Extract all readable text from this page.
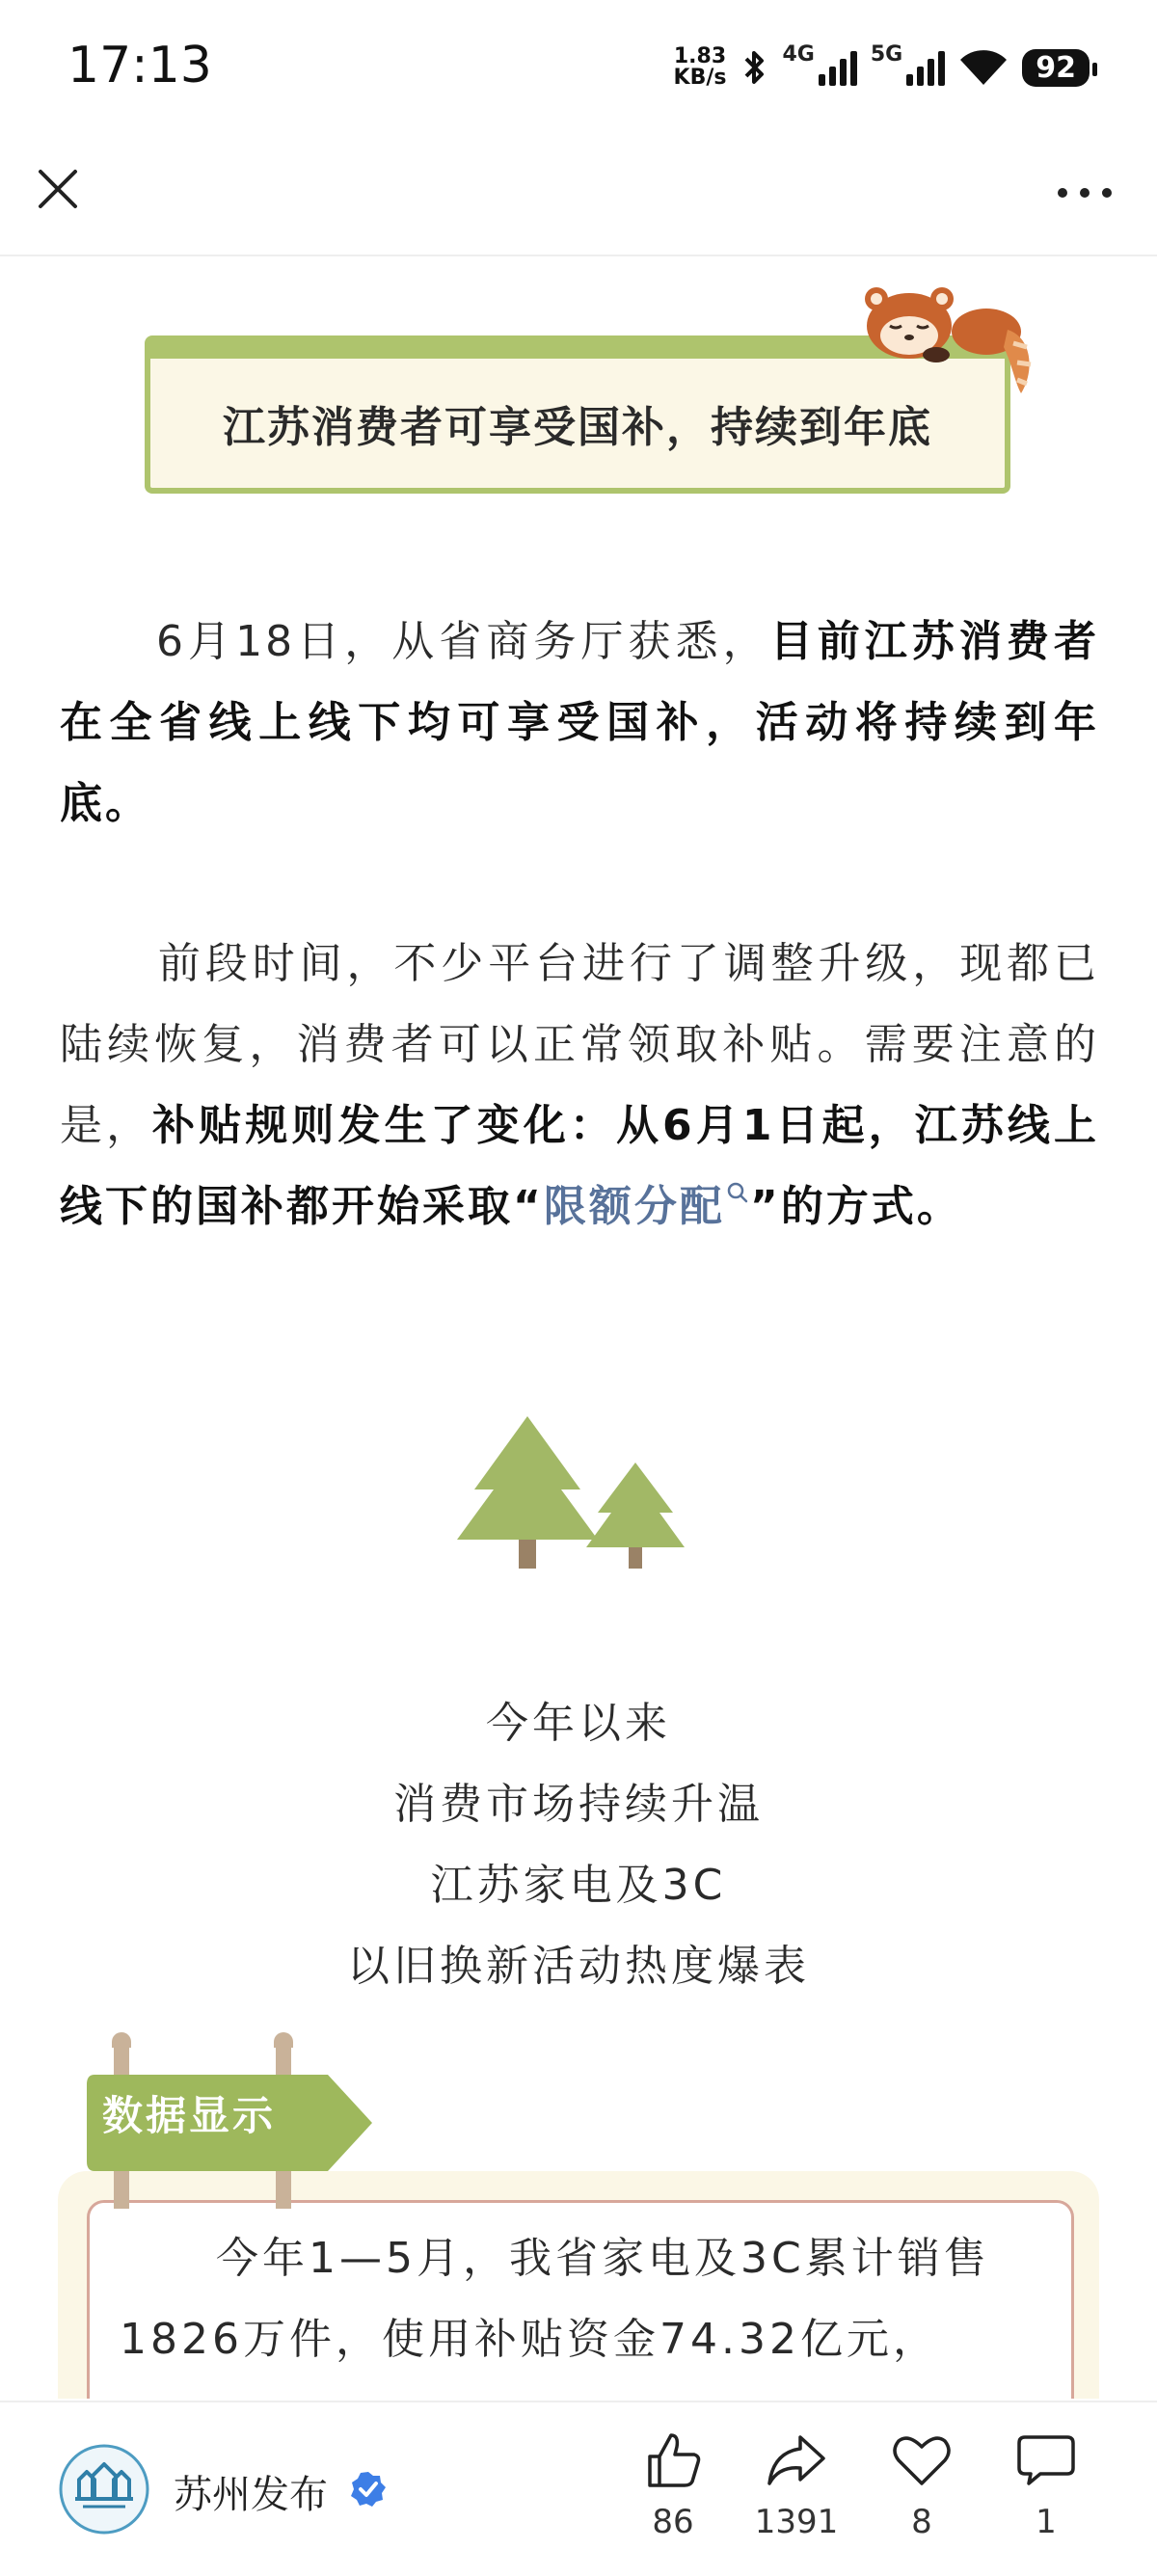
17:13	1.83
KB/s
4G	5G	92
江苏消费者可享受国补，持续到年底

6月18日，从省商务厅获悉，目前江苏消费者在全省线上线下均可享受国补，活动将持续到年底。

前段时间，不少平台进行了调整升级，现都已陆续恢复，消费者可以正常领取补贴。需要注意的是，补贴规则发生了变化：从6月1日起，江苏线上线下的国补都开始采取“限额分配 ”的方式。

今年以来
消费市场持续升温
江苏家电及3C
以旧换新活动热度爆表
数据显示

今年1—5月，我省家电及3C累计销售1826万件，使用补贴资金74.32亿元，

苏州发布
86	1391	8	1
